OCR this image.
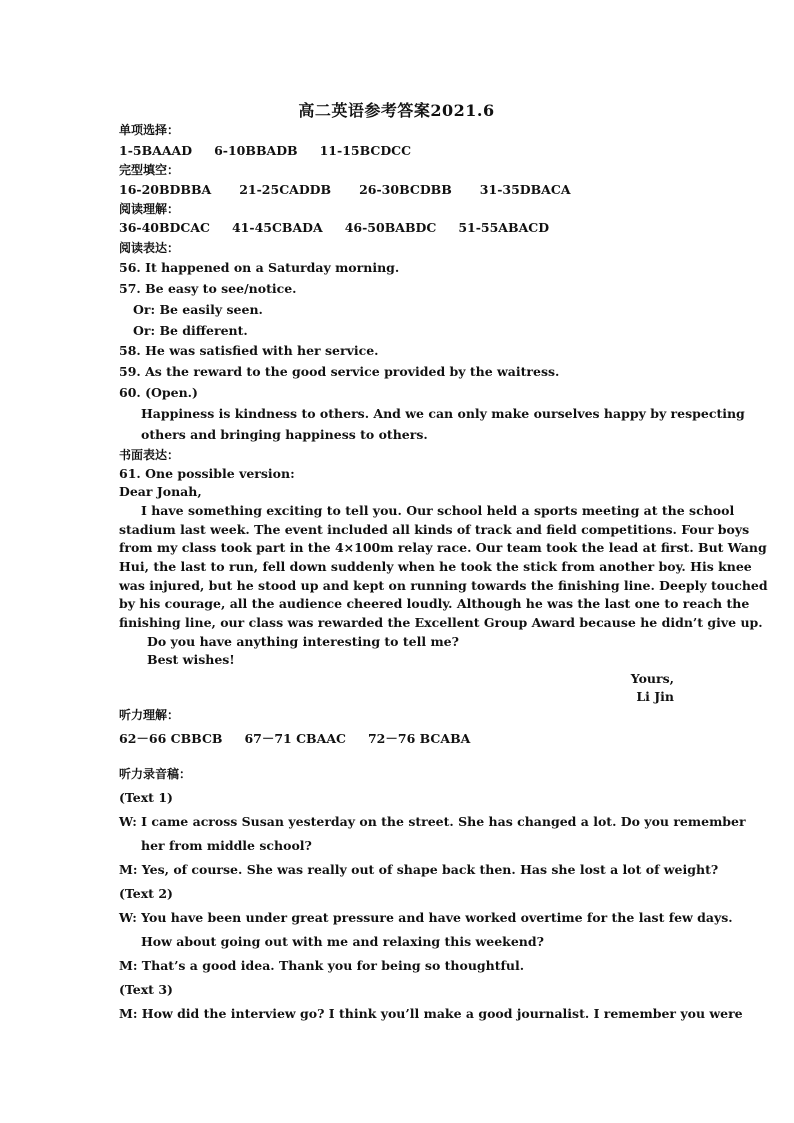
高二英语参考答案2021.6
单项选择：
1-5BAAAD 6-10BBADB 11-15BCDCC
完型填空：
16-20BDBBA 21-25CADDB 26-30BCDBB 31-35DBACA
阅读理解：
36-40BDCAC 41-45CBADA 46-50BABDC 51-55ABACD
阅读表达：
56. It happened on a Saturday morning.
57. Be easy to see/notice.
Or: Be easily seen.
Or: Be different.
58. He was satisfied with her service.
59. As the reward to the good service provided by the waitress.
60. (Open.)
Happiness is kindness to others. And we can only make ourselves happy by respecting
others and bringing happiness to others.
书面表达：
61. One possible version:
Dear Jonah,
I have something exciting to tell you. Our school held a sports meeting at the school
stadium last week. The event included all kinds of track and field competitions. Four boys
from my class took part in the 4×100m relay race. Our team took the lead at first. But Wang
Hui, the last to run, fell down suddenly when he took the stick from another boy. His knee
was injured, but he stood up and kept on running towards the finishing line. Deeply touched
by his courage, all the audience cheered loudly. Although he was the last one to reach the
finishing line, our class was rewarded the Excellent Group Award because he didn’t give up.
Do you have anything interesting to tell me?
Best wishes!
Yours,
Li Jin
听力理解：
62－66 CBBCB 67－71 CBAAC 72－76 BCABA
听力录音稿：
(Text 1)
W: I came across Susan yesterday on the street. She has changed a lot. Do you remember
her from middle school?
M: Yes, of course. She was really out of shape back then. Has she lost a lot of weight?
(Text 2)
W: You have been under great pressure and have worked overtime for the last few days.
How about going out with me and relaxing this weekend?
M: That’s a good idea. Thank you for being so thoughtful.
(Text 3)
M: How did the interview go? I think you’ll make a good journalist. I remember you were
